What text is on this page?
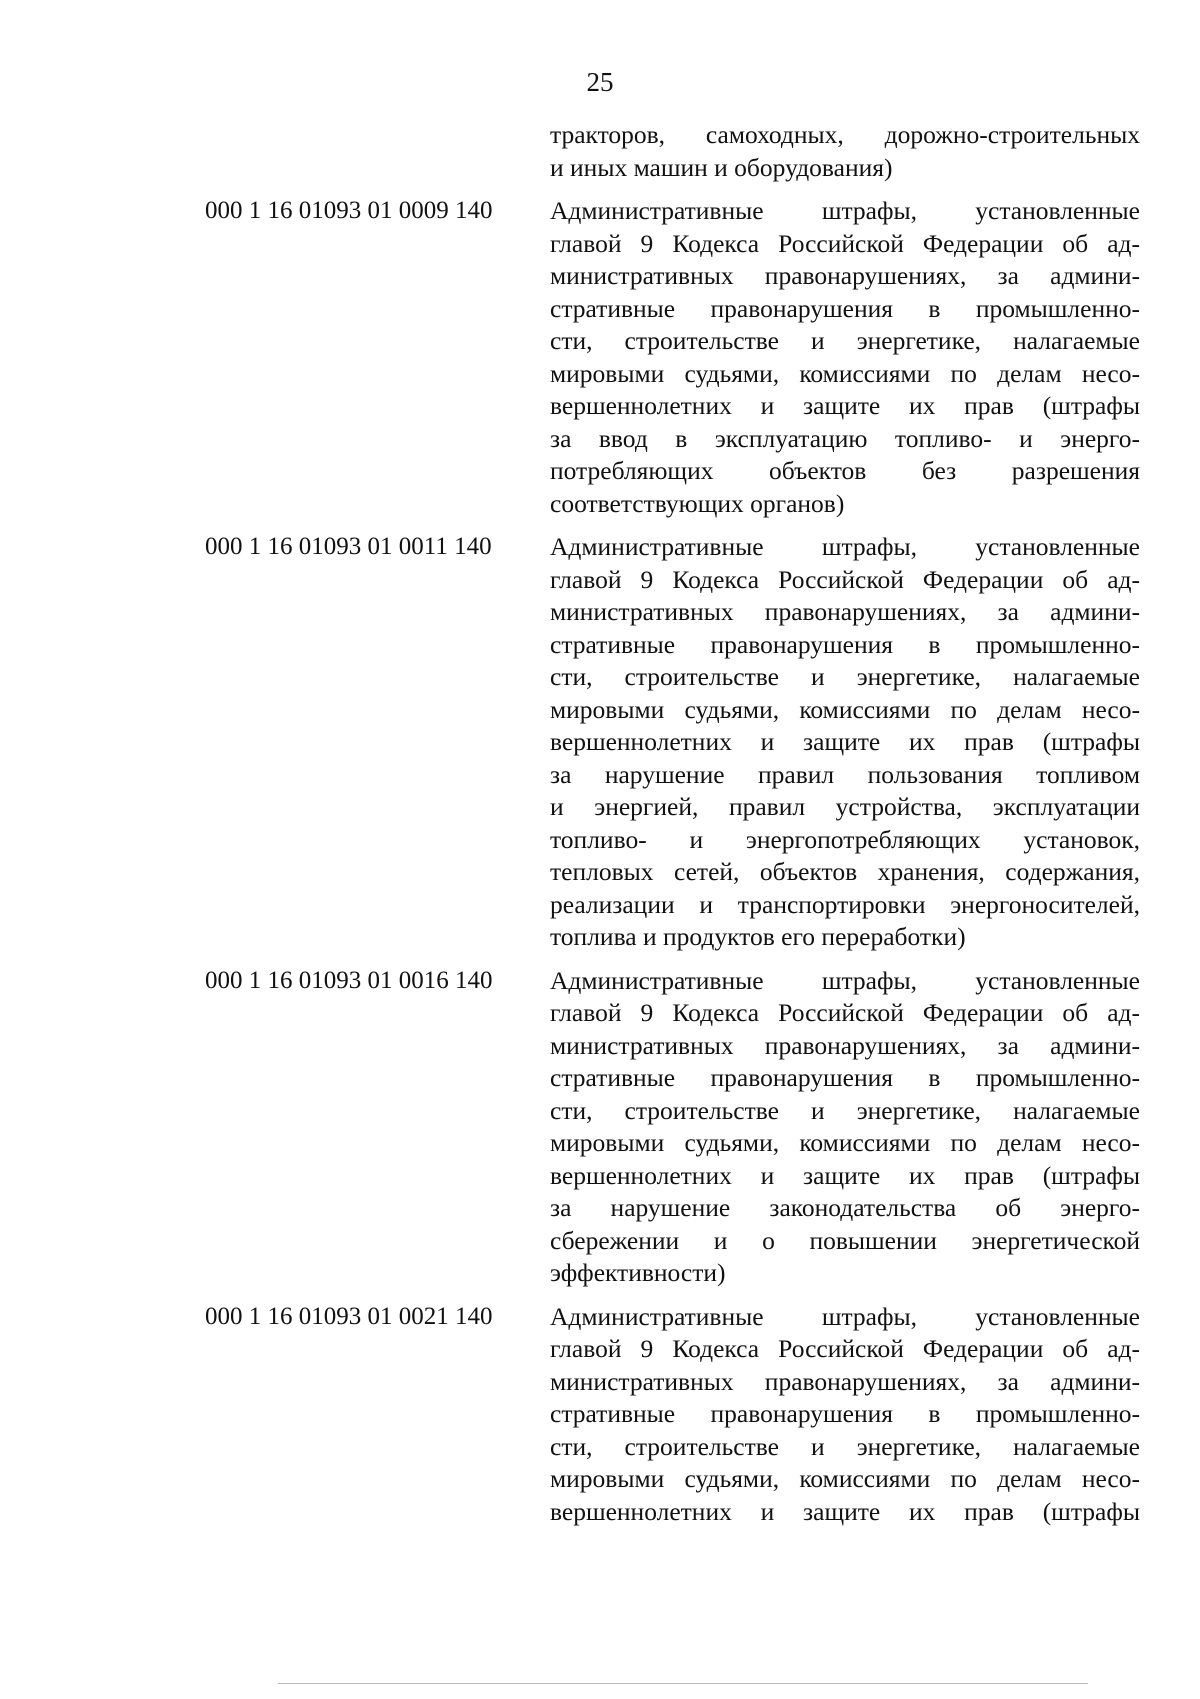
25
тракторов, самоходных, дорожно-строительных
и иных машин и оборудования)
000 1 16 01093 01 0009 140	Административные штрафы, установленные
главой 9 Кодекса Российской Федерации об ад-
министративных правонарушениях, за админи-
стративные правонарушения в промышленно-
сти, строительстве и энергетике, налагаемые
мировыми судьями, комиссиями по делам несо-
вершеннолетних и защите их прав (штрафы
за ввод в эксплуатацию топливо- и энерго-
потребляющих объектов без разрешения
соответствующих органов)
000 1 16 01093 01 0011 140	Административные штрафы, установленные
главой 9 Кодекса Российской Федерации об ад-
министративных правонарушениях, за админи-
стративные правонарушения в промышленно-
сти, строительстве и энергетике, налагаемые
мировыми судьями, комиссиями по делам несо-
вершеннолетних и защите их прав (штрафы
за нарушение правил пользования топливом
и энергией, правил устройства, эксплуатации
топливо- и энергопотребляющих установок,
тепловых сетей, объектов хранения, содержания,
реализации и транспортировки энергоносителей,
топлива и продуктов его переработки)
000 1 16 01093 01 0016 140	Административные штрафы, установленные
главой 9 Кодекса Российской Федерации об ад-
министративных правонарушениях, за админи-
стративные правонарушения в промышленно-
сти, строительстве и энергетике, налагаемые
мировыми судьями, комиссиями по делам несо-
вершеннолетних и защите их прав (штрафы
за нарушение законодательства об энерго-
сбережении и о повышении энергетической
эффективности)
000 1 16 01093 01 0021 140	Административные штрафы, установленные
главой 9 Кодекса Российской Федерации об ад-
министративных правонарушениях, за админи-
стративные правонарушения в промышленно-
сти, строительстве и энергетике, налагаемые
мировыми судьями, комиссиями по делам несо-
вершеннолетних и защите их прав (штрафы
